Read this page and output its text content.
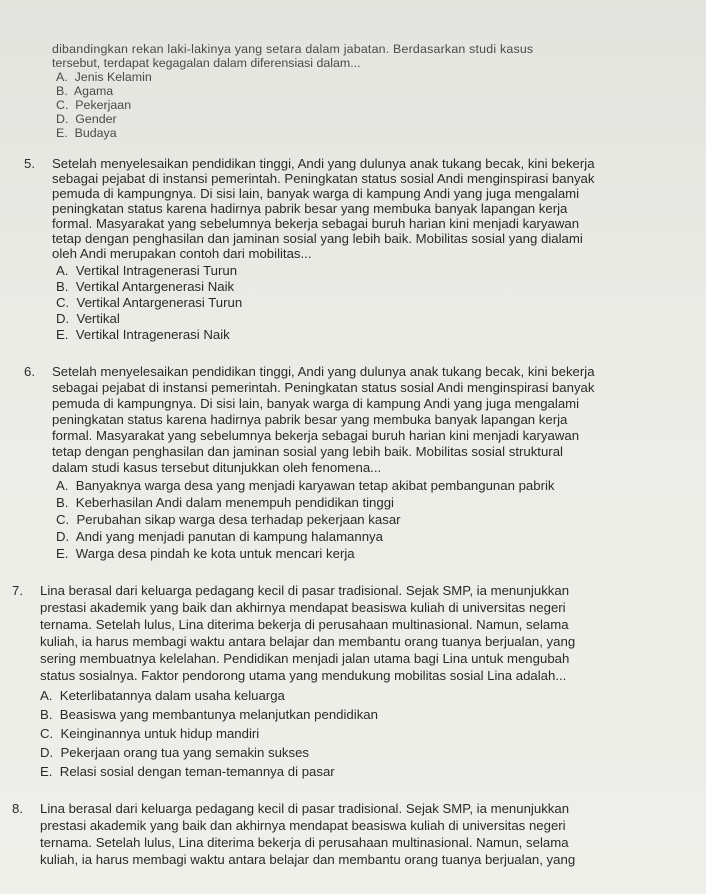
dibandingkan rekan laki-lakinya yang setara dalam jabatan. Berdasarkan studi kasus
tersebut, terdapat kegagalan dalam diferensiasi dalam...
A. Jenis Kelamin
B. Agama
C. Pekerjaan
D. Gender
E. Budaya
5. Setelah menyelesaikan pendidikan tinggi, Andi yang dulunya anak tukang becak, kini bekerja
sebagai pejabat di instansi pemerintah. Peningkatan status sosial Andi menginspirasi banyak
pemuda di kampungnya. Di sisi lain, banyak warga di kampung Andi yang juga mengalami
peningkatan status karena hadirnya pabrik besar yang membuka banyak lapangan kerja
formal. Masyarakat yang sebelumnya bekerja sebagai buruh harian kini menjadi karyawan
tetap dengan penghasilan dan jaminan sosial yang lebih baik. Mobilitas sosial yang dialami
oleh Andi merupakan contoh dari mobilitas...
A. Vertikal Intragenerasi Turun
B. Vertikal Antargenerasi Naik
C. Vertikal Antargenerasi Turun
D. Vertikal
E. Vertikal Intragenerasi Naik
6. Setelah menyelesaikan pendidikan tinggi, Andi yang dulunya anak tukang becak, kini bekerja
sebagai pejabat di instansi pemerintah. Peningkatan status sosial Andi menginspirasi banyak
pemuda di kampungnya. Di sisi lain, banyak warga di kampung Andi yang juga mengalami
peningkatan status karena hadirnya pabrik besar yang membuka banyak lapangan kerja
formal. Masyarakat yang sebelumnya bekerja sebagai buruh harian kini menjadi karyawan
tetap dengan penghasilan dan jaminan sosial yang lebih baik. Mobilitas sosial struktural
dalam studi kasus tersebut ditunjukkan oleh fenomena...
A. Banyaknya warga desa yang menjadi karyawan tetap akibat pembangunan pabrik
B. Keberhasilan Andi dalam menempuh pendidikan tinggi
C. Perubahan sikap warga desa terhadap pekerjaan kasar
D. Andi yang menjadi panutan di kampung halamannya
E. Warga desa pindah ke kota untuk mencari kerja
7. Lina berasal dari keluarga pedagang kecil di pasar tradisional. Sejak SMP, ia menunjukkan
prestasi akademik yang baik dan akhirnya mendapat beasiswa kuliah di universitas negeri
ternama. Setelah lulus, Lina diterima bekerja di perusahaan multinasional. Namun, selama
kuliah, ia harus membagi waktu antara belajar dan membantu orang tuanya berjualan, yang
sering membuatnya kelelahan. Pendidikan menjadi jalan utama bagi Lina untuk mengubah
status sosialnya. Faktor pendorong utama yang mendukung mobilitas sosial Lina adalah...
A. Keterlibatannya dalam usaha keluarga
B. Beasiswa yang membantunya melanjutkan pendidikan
C. Keinginannya untuk hidup mandiri
D. Pekerjaan orang tua yang semakin sukses
E. Relasi sosial dengan teman-temannya di pasar
8. Lina berasal dari keluarga pedagang kecil di pasar tradisional. Sejak SMP, ia menunjukkan
prestasi akademik yang baik dan akhirnya mendapat beasiswa kuliah di universitas negeri
ternama. Setelah lulus, Lina diterima bekerja di perusahaan multinasional. Namun, selama
kuliah, ia harus membagi waktu antara belajar dan membantu orang tuanya berjualan, yang
